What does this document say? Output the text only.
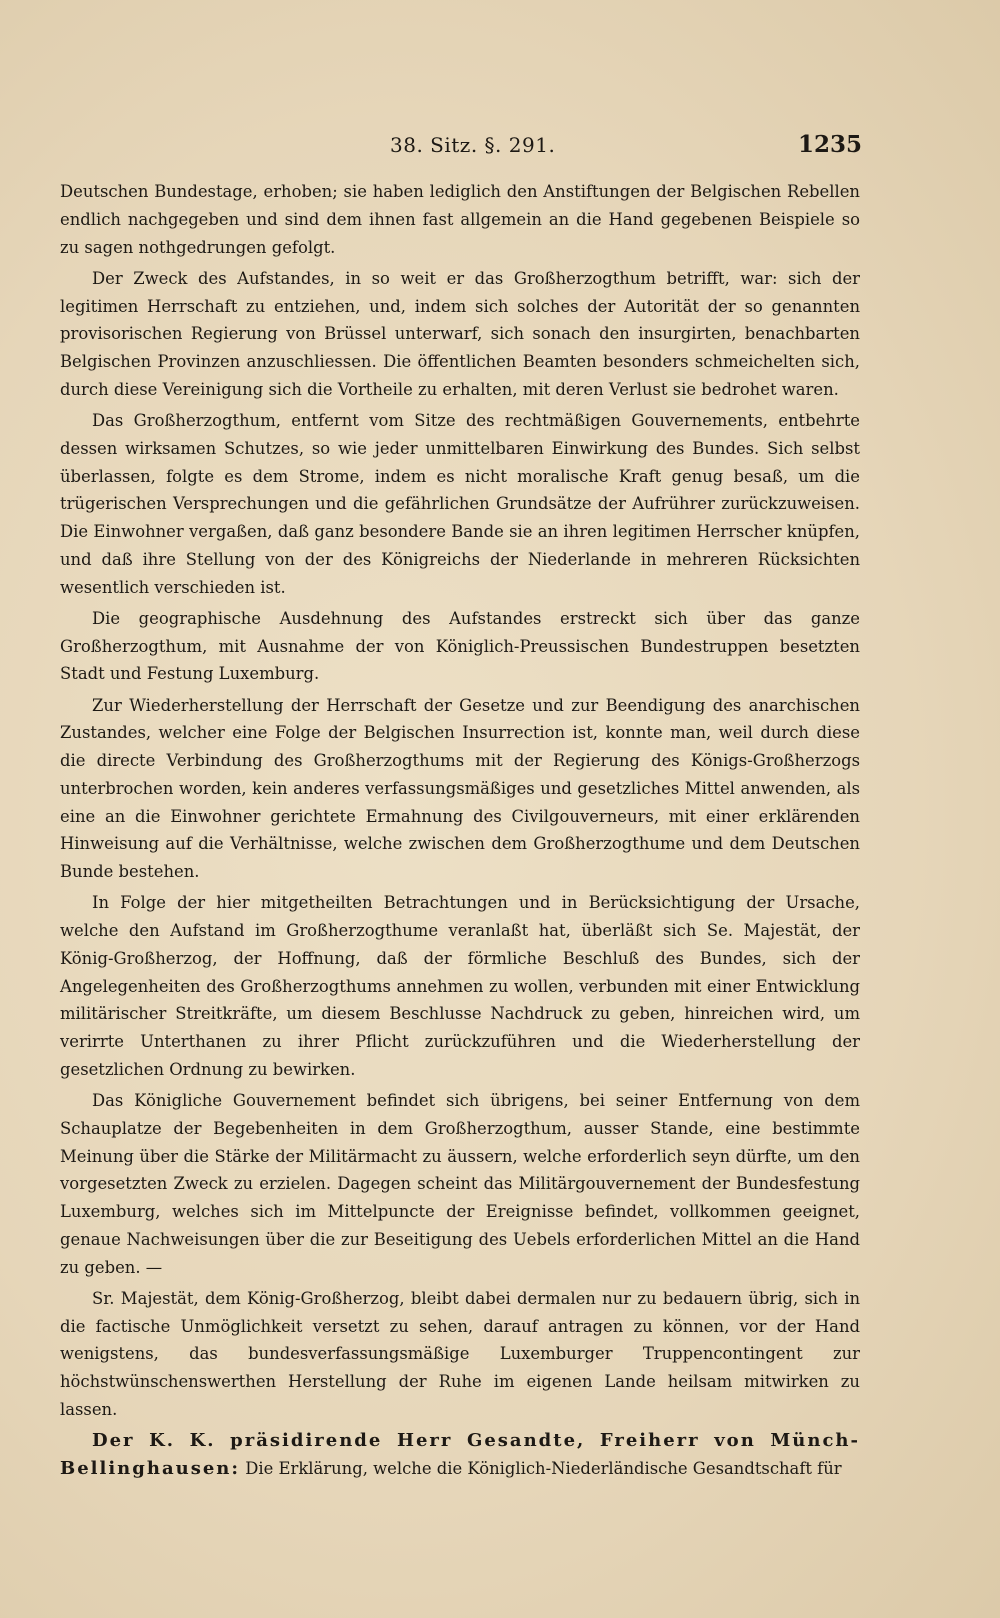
38. Sitz. §. 291.	1235

Deutschen Bundestage, erhoben; sie haben lediglich den Anstiftungen der Belgischen Rebellen endlich nachgegeben und sind dem ihnen fast allgemein an die Hand gegebenen Beispiele so zu sagen nothgedrungen gefolgt.

Der Zweck des Aufstandes, in so weit er das Großherzogthum betrifft, war: sich der legitimen Herrschaft zu entziehen, und, indem sich solches der Autorität der so genannten provisorischen Regierung von Brüssel unterwarf, sich sonach den insurgirten, benachbarten Belgischen Provinzen anzuschliessen. Die öffentlichen Beamten besonders schmeichelten sich, durch diese Vereinigung sich die Vortheile zu erhalten, mit deren Verlust sie bedrohet waren.

Das Großherzogthum, entfernt vom Sitze des rechtmäßigen Gouvernements, entbehrte dessen wirksamen Schutzes, so wie jeder unmittelbaren Einwirkung des Bundes. Sich selbst überlassen, folgte es dem Strome, indem es nicht moralische Kraft genug besaß, um die trügerischen Versprechungen und die gefährlichen Grundsätze der Aufrührer zurückzuweisen. Die Einwohner vergaßen, daß ganz besondere Bande sie an ihren legitimen Herrscher knüpfen, und daß ihre Stellung von der des Königreichs der Niederlande in mehreren Rücksichten wesentlich verschieden ist.

Die geographische Ausdehnung des Aufstandes erstreckt sich über das ganze Großherzogthum, mit Ausnahme der von Königlich-Preussischen Bundestruppen besetzten Stadt und Festung Luxemburg.

Zur Wiederherstellung der Herrschaft der Gesetze und zur Beendigung des anarchischen Zustandes, welcher eine Folge der Belgischen Insurrection ist, konnte man, weil durch diese die directe Verbindung des Großherzogthums mit der Regierung des Königs-Großherzogs unterbrochen worden, kein anderes verfassungsmäßiges und gesetzliches Mittel anwenden, als eine an die Einwohner gerichtete Ermahnung des Civilgouverneurs, mit einer erklärenden Hinweisung auf die Verhältnisse, welche zwischen dem Großherzogthume und dem Deutschen Bunde bestehen.

In Folge der hier mitgetheilten Betrachtungen und in Berücksichtigung der Ursache, welche den Aufstand im Großherzogthume veranlaßt hat, überläßt sich Se. Majestät, der König-Großherzog, der Hoffnung, daß der förmliche Beschluß des Bundes, sich der Angelegenheiten des Großherzogthums annehmen zu wollen, verbunden mit einer Entwicklung militärischer Streitkräfte, um diesem Beschlusse Nachdruck zu geben, hinreichen wird, um verirrte Unterthanen zu ihrer Pflicht zurückzuführen und die Wiederherstellung der gesetzlichen Ordnung zu bewirken.

Das Königliche Gouvernement befindet sich übrigens, bei seiner Entfernung von dem Schauplatze der Begebenheiten in dem Großherzogthum, ausser Stande, eine bestimmte Meinung über die Stärke der Militärmacht zu äussern, welche erforderlich seyn dürfte, um den vorgesetzten Zweck zu erzielen. Dagegen scheint das Militärgouvernement der Bundesfestung Luxemburg, welches sich im Mittelpuncte der Ereignisse befindet, vollkommen geeignet, genaue Nachweisungen über die zur Beseitigung des Uebels erforderlichen Mittel an die Hand zu geben. —

Sr. Majestät, dem König-Großherzog, bleibt dabei dermalen nur zu bedauern übrig, sich in die factische Unmöglichkeit versetzt zu sehen, darauf antragen zu können, vor der Hand wenigstens, das bundesverfassungsmäßige Luxemburger Truppencontingent zur höchstwünschenswerthen Herstellung der Ruhe im eigenen Lande heilsam mitwirken zu lassen.

Der K. K. präsidirende Herr Gesandte, Freiherr von Münch-Bellinghausen: Die Erklärung, welche die Königlich-Niederländische Gesandtschaft für
